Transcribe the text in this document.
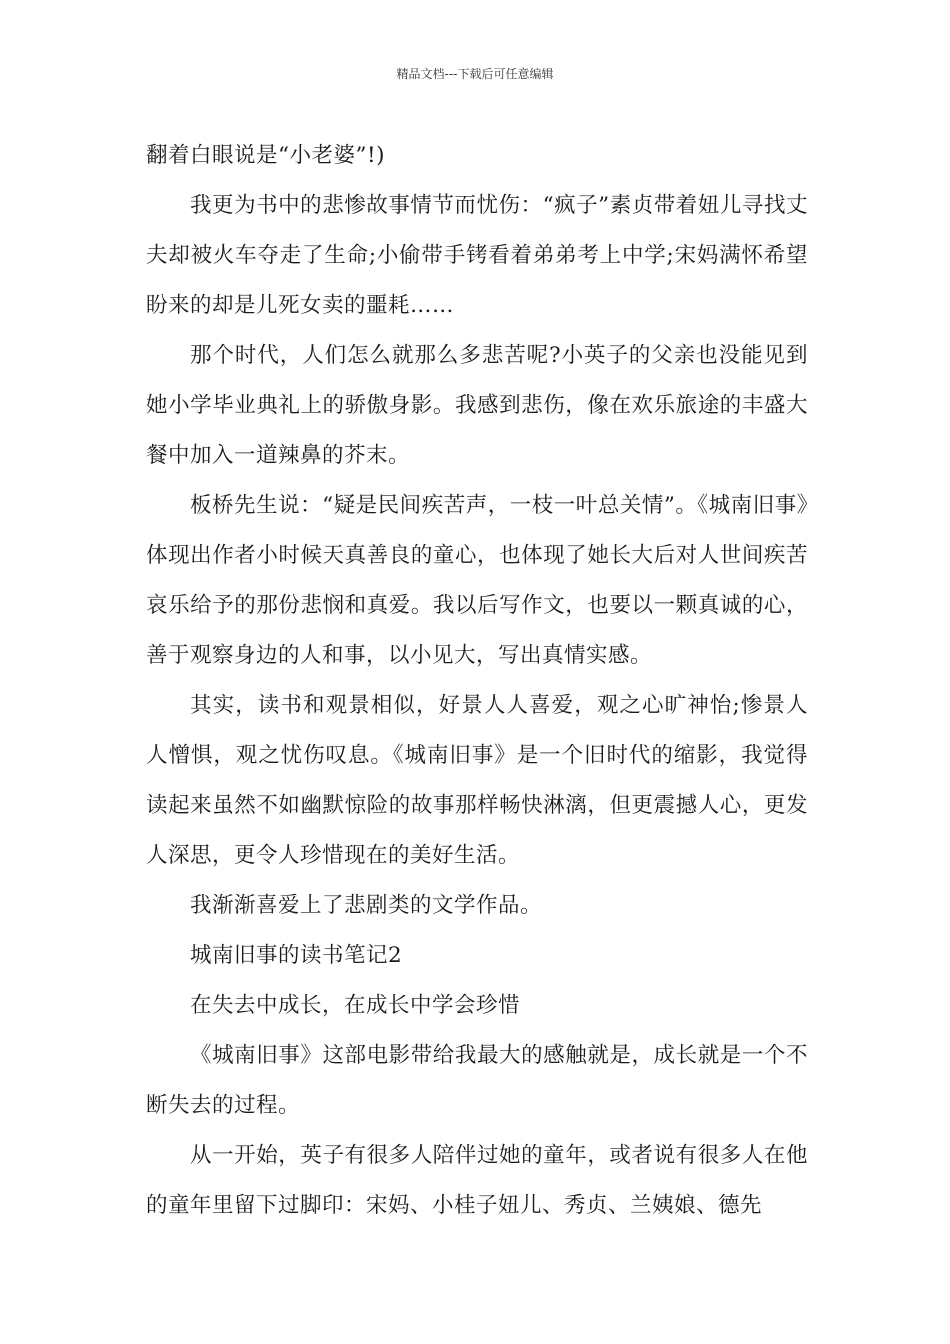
精品文档---下载后可任意编辑

翻着白眼说是“小老婆”!)

我更为书中的悲惨故事情节而忧伤：“疯子”素贞带着妞儿寻找丈夫却被火车夺走了生命;小偷带手铐看着弟弟考上中学;宋妈满怀希望盼来的却是儿死女卖的噩耗……

那个时代，人们怎么就那么多悲苦呢?小英子的父亲也没能见到她小学毕业典礼上的骄傲身影。我感到悲伤，像在欢乐旅途的丰盛大餐中加入一道辣鼻的芥末。

板桥先生说：“疑是民间疾苦声，一枝一叶总关情”。《城南旧事》体现出作者小时候天真善良的童心，也体现了她长大后对人世间疾苦哀乐给予的那份悲悯和真爱。我以后写作文，也要以一颗真诚的心，善于观察身边的人和事，以小见大，写出真情实感。

其实，读书和观景相似，好景人人喜爱，观之心旷神怡;惨景人人憎惧，观之忧伤叹息。《城南旧事》是一个旧时代的缩影，我觉得读起来虽然不如幽默惊险的故事那样畅快淋漓，但更震撼人心，更发人深思，更令人珍惜现在的美好生活。

我渐渐喜爱上了悲剧类的文学作品。

城南旧事的读书笔记2

在失去中成长，在成长中学会珍惜

《城南旧事》这部电影带给我最大的感触就是，成长就是一个不断失去的过程。

从一开始，英子有很多人陪伴过她的童年，或者说有很多人在他的童年里留下过脚印：宋妈、小桂子妞儿、秀贞、兰姨娘、德先
